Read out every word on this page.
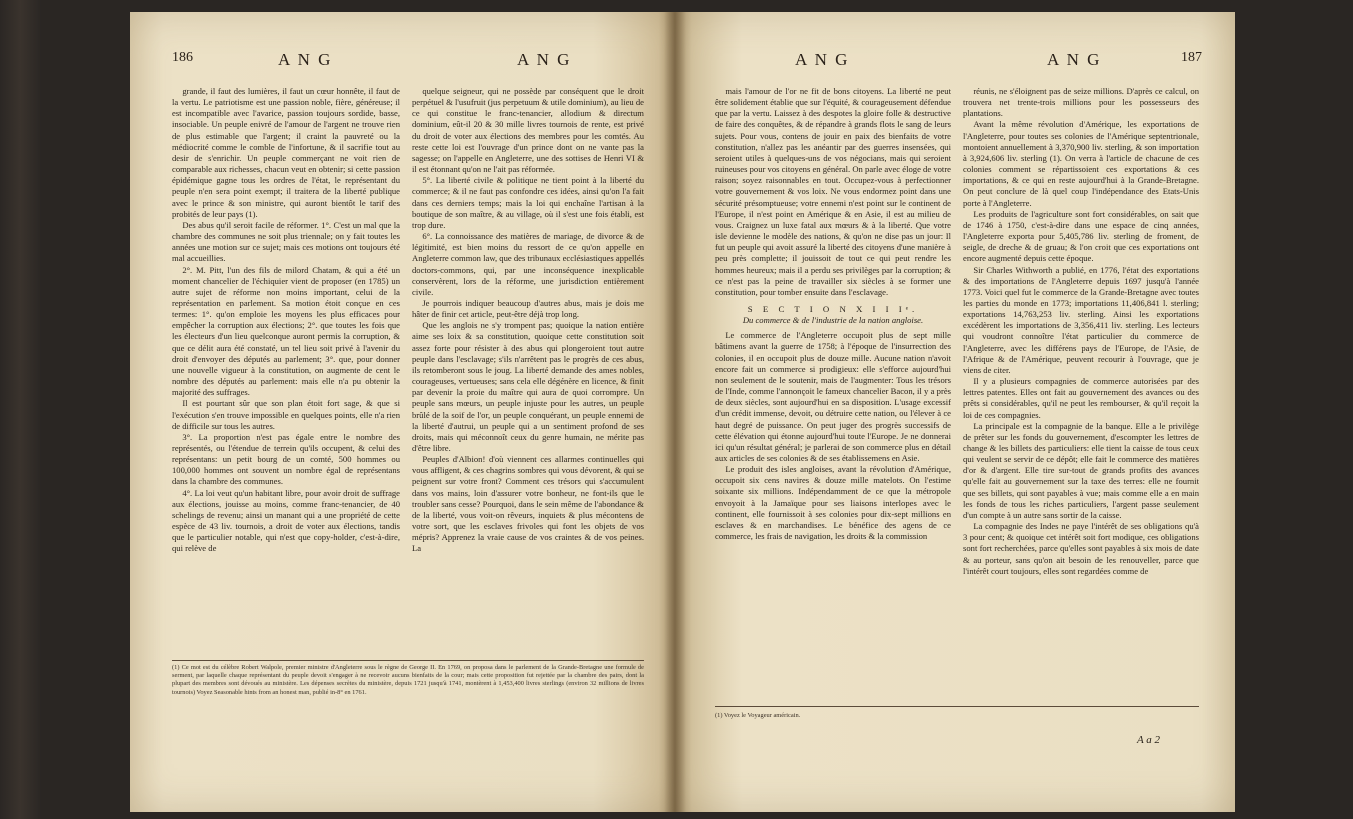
186	A N G	A N G

grande, il faut des lumières, il faut un cœur honnête, il faut de la vertu. Le patriotisme est une passion noble, fière, généreuse; il est incompatible avec l'avarice, passion toujours sordide, basse, insociable. Un peuple enivré de l'amour de l'argent ne trouve rien de plus estimable que l'argent; il craint la pauvreté ou la médiocrité comme le comble de l'infortune, & il sacrifie tout au desir de s'enrichir. Un peuple commerçant ne voit rien de comparable aux richesses, chacun veut en obtenir; si cette passion épidémique gagne tous les ordres de l'état, le représentant du peuple n'en sera point exempt; il traitera de la liberté publique avec le prince & son ministre, qui auront bientôt le tarif des probités de leur pays (1).

Des abus qu'il seroit facile de réformer. 1°. C'est un mal que la chambre des communes ne soit plus triennale; on y fait toutes les années une motion sur ce sujet; mais ces motions ont toujours été mal accueillies.

2°. M. Pitt, l'un des fils de milord Chatam, & qui a été un moment chancelier de l'échiquier vient de proposer (en 1785) un autre sujet de réforme non moins important, celui de la représentation en parlement. Sa motion étoit conçue en ces termes: 1°. qu'on emploie les moyens les plus efficaces pour empêcher la corruption aux élections; 2°. que toutes les fois que les électeurs d'un lieu quelconque auront permis la corruption, & que ce délit aura été constaté, un tel lieu soit privé à l'avenir du droit d'envoyer des députés au parlement; 3°. que, pour donner une nouvelle vigueur à la constitution, on augmente de cent le nombre des députés au parlement: mais elle n'a pu obtenir la majorité des suffrages.

Il est pourtant sûr que son plan étoit fort sage, & que si l'exécution s'en trouve impossible en quelques points, elle n'a rien de difficile sur tous les autres.

3°. La proportion n'est pas égale entre le nombre des représentés, ou l'étendue de terrein qu'ils occupent, & celui des représentans: un petit bourg de un comté, 500 hommes ou 100,000 hommes ont souvent un nombre égal de représentans dans la chambre des communes.

4°. La loi veut qu'un habitant libre, pour avoir droit de suffrage aux élections, jouisse au moins, comme franc-tenancier, de 40 schelings de revenu; ainsi un manant qui a une propriété de cette espèce de 43 liv. tournois, a droit de voter aux élections, tandis que le particulier notable, qui n'est que copy-holder, c'est-à-dire, qui relève de

quelque seigneur, qui ne possède par conséquent que le droit perpétuel & l'usufruit (jus perpetuum & utile dominium), au lieu de ce qui constitue le franc-tenancier, allodium & directum dominium, eût-il 20 & 30 mille livres tournois de rente, est privé du droit de voter aux élections des membres pour les comtés. Au reste cette loi est l'ouvrage d'un prince dont on ne vante pas la sagesse; on l'appelle en Angleterre, une des sottises de Henri VI & il est étonnant qu'on ne l'ait pas réformée.

5°. La liberté civile & politique ne tient point à la liberté du commerce; & il ne faut pas confondre ces idées, ainsi qu'on l'a fait dans ces derniers temps; mais la loi qui enchaîne l'artisan à la boutique de son maître, & au village, où il s'est une fois établi, est trop dure.

6°. La connoissance des matières de mariage, de divorce & de légitimité, est bien moins du ressort de ce qu'on appelle en Angleterre common law, que des tribunaux ecclésiastiques appellés doctors-commons, qui, par une inconséquence inexplicable conservèrent, lors de la réforme, une jurisdiction entièrement civile.

Je pourrois indiquer beaucoup d'autres abus, mais je dois me hâter de finir cet article, peut-être déjà trop long.

Que les anglois ne s'y trompent pas; quoique la nation entière aime ses loix & sa constitution, quoique cette constitution soit assez forte pour résister à des abus qui plongeroient tout autre peuple dans l'esclavage; s'ils n'arrêtent pas le progrès de ces abus, ils retomberont sous le joug. La liberté demande des ames nobles, courageuses, vertueuses; sans cela elle dégénère en licence, & finit par devenir la proie du maître qui aura de quoi corrompre. Un peuple sans mœurs, un peuple injuste pour les autres, un peuple brûlé de la soif de l'or, un peuple conquérant, un peuple ennemi de la liberté d'autrui, un peuple qui a un sentiment profond de ses droits, mais qui méconnoît ceux du genre humain, ne mérite pas d'être libre.

Peuples d'Albion! d'où viennent ces allarmes continuelles qui vous affligent, & ces chagrins sombres qui vous dévorent, & qui se peignent sur votre front? Comment ces trésors qui s'accumulent dans vos mains, loin d'assurer votre bonheur, ne font-ils que le troubler sans cesse? Pourquoi, dans le sein même de l'abondance & de la liberté, vous voit-on rêveurs, inquiets & plus mécontens de votre sort, que les esclaves frivoles qui font les objets de vos mépris? Apprenez la vraie cause de vos craintes & de vos peines. La

(1) Ce mot est du célèbre Robert Walpole, premier ministre d'Angleterre sous le règne de George II. En 1769, on proposa dans le parlement de la Grande-Bretagne une formule de serment, par laquelle chaque représentant du peuple devoit s'engager à ne recevoir aucuns bienfaits de la cour; mais cette proposition fut rejettée par la chambre des pairs, dont la plupart des membres sont dévoués au ministère. Les dépenses secrètes du ministère, depuis 1721 jusqu'à 1741, montèrent à 1,453,400 livres sterlings (environ 32 millions de livres tournois) Voyez Seasonable hints from an honest man, publié in-8° en 1761.
A N G	A N G	187

mais l'amour de l'or ne fit de bons citoyens. La liberté ne peut être solidement établie que sur l'équité, & courageusement défendue que par la vertu. Laissez à des despotes la gloire folle & destructive de faire des conquêtes, & de répandre à grands flots le sang de leurs sujets. Pour vous, contens de jouir en paix des bienfaits de votre constitution, n'allez pas les anéantir par des guerres insensées, qui seroient utiles à quelques-uns de vos négocians, mais qui seroient ruineuses pour vos citoyens en général. On parle avec éloge de votre raison; soyez raisonnables en tout. Occupez-vous à perfectionner votre gouvernement & vos loix. Ne vous endormez point dans une sécurité présomptueuse; votre ennemi n'est point sur le continent de l'Europe, il n'est point en Amérique & en Asie, il est au milieu de vous. Craignez un luxe fatal aux mœurs & à la liberté. Que votre isle devienne le modèle des nations, & qu'on ne dise pas un jour: Il fut un peuple qui avoit assuré la liberté des citoyens d'une manière à peu près complette; il jouissoit de tout ce qui peut rendre les hommes heureux; mais il a perdu ses privilèges par la corruption; & ce n'est pas la peine de travailler six siècles à se former une constitution, pour tomber ensuite dans l'esclavage.

S E C T I O N X I I Iᵉ.

Du commerce & de l'industrie de la nation angloise.

Le commerce de l'Angleterre occupoit plus de sept mille bâtimens avant la guerre de 1758; à l'époque de l'insurrection des colonies, il en occupoit plus de douze mille. Aucune nation n'avoit encore fait un commerce si prodigieux: elle s'efforce aujourd'hui non seulement de le soutenir, mais de l'augmenter: Tous les trésors de l'Inde, comme l'annonçoit le fameux chancelier Bacon, il y a près de deux siècles, sont aujourd'hui en sa disposition. L'usage excessif d'un crédit immense, devoit, ou détruire cette nation, ou l'élever à ce haut degré de puissance. On peut juger des progrès successifs de cette élévation qui étonne aujourd'hui toute l'Europe. Je ne donnerai ici qu'un résultat général; je parlerai de son commerce plus en détail aux articles de ses colonies & de ses établissemens en Asie.

Le produit des isles angloises, avant la révolution d'Amérique, occupoit six cens navires & douze mille matelots. On l'estime soixante six millions. Indépendamment de ce que la métropole envoyoit à la Jamaïque pour ses liaisons interlopes avec le continent, elle fournissoit à ses colonies pour dix-sept millions en esclaves & en marchandises. Le bénéfice des agens de ce commerce, les frais de navigation, les droits & la commission

réunis, ne s'éloignent pas de seize millions. D'après ce calcul, on trouvera net trente-trois millions pour les possesseurs des plantations.

Avant la même révolution d'Amérique, les exportations de l'Angleterre, pour toutes ses colonies de l'Amérique septentrionale, montoient annuellement à 3,370,900 liv. sterling, & son importation à 3,924,606 liv. sterling (1). On verra à l'article de chacune de ces colonies comment se répartissoient ces exportations & ces importations, & ce qui en reste aujourd'hui à la Grande-Bretagne. On peut conclure de là quel coup l'indépendance des Etats-Unis porte à l'Angleterre.

Les produits de l'agriculture sont fort considérables, on sait que de 1746 à 1750, c'est-à-dire dans une espace de cinq années, l'Angleterre exporta pour 5,405,786 liv. sterling de froment, de seigle, de dreche & de gruau; & l'on croit que ces exportations ont encore augmenté depuis cette époque.

Sir Charles Withworth a publié, en 1776, l'état des exportations & des importations de l'Angleterre depuis 1697 jusqu'à l'année 1773. Voici quel fut le commerce de la Grande-Bretagne avec toutes les parties du monde en 1773; importations 11,406,841 l. sterling; exportations 14,763,253 liv. sterling. Ainsi les exportations excédèrent les importations de 3,356,411 liv. sterling. Les lecteurs qui voudront connoître l'état particulier du commerce de l'Angleterre, avec les différens pays de l'Europe, de l'Asie, de l'Afrique & de l'Amérique, peuvent recourir à l'ouvrage, que je viens de citer.

Il y a plusieurs compagnies de commerce autorisées par des lettres patentes. Elles ont fait au gouvernement des avances ou des prêts si considérables, qu'il ne peut les rembourser, & qu'il reçoit la loi de ces compagnies.

La principale est la compagnie de la banque. Elle a le privilège de prêter sur les fonds du gouvernement, d'escompter les lettres de change & les billets des particuliers: elle tient la caisse de tous ceux qui veulent se servir de ce dépôt; elle fait le commerce des matières d'or & d'argent. Elle tire sur-tout de grands profits des avances qu'elle fait au gouvernement sur la taxe des terres: elle ne fournit que ses billets, qui sont payables à vue; mais comme elle a en main les fonds de tous les riches particuliers, l'argent passe seulement d'un compte à un autre sans sortir de la caisse.

La compagnie des Indes ne paye l'intérêt de ses obligations qu'à 3 pour cent; & quoique cet intérêt soit fort modique, ces obligations sont fort recherchées, parce qu'elles sont payables à six mois de date & au porteur, sans qu'on ait besoin de les renouveller, parce que l'intérêt court toujours, elles sont regardées comme de

(1) Voyez le Voyageur américain.
A a 2
